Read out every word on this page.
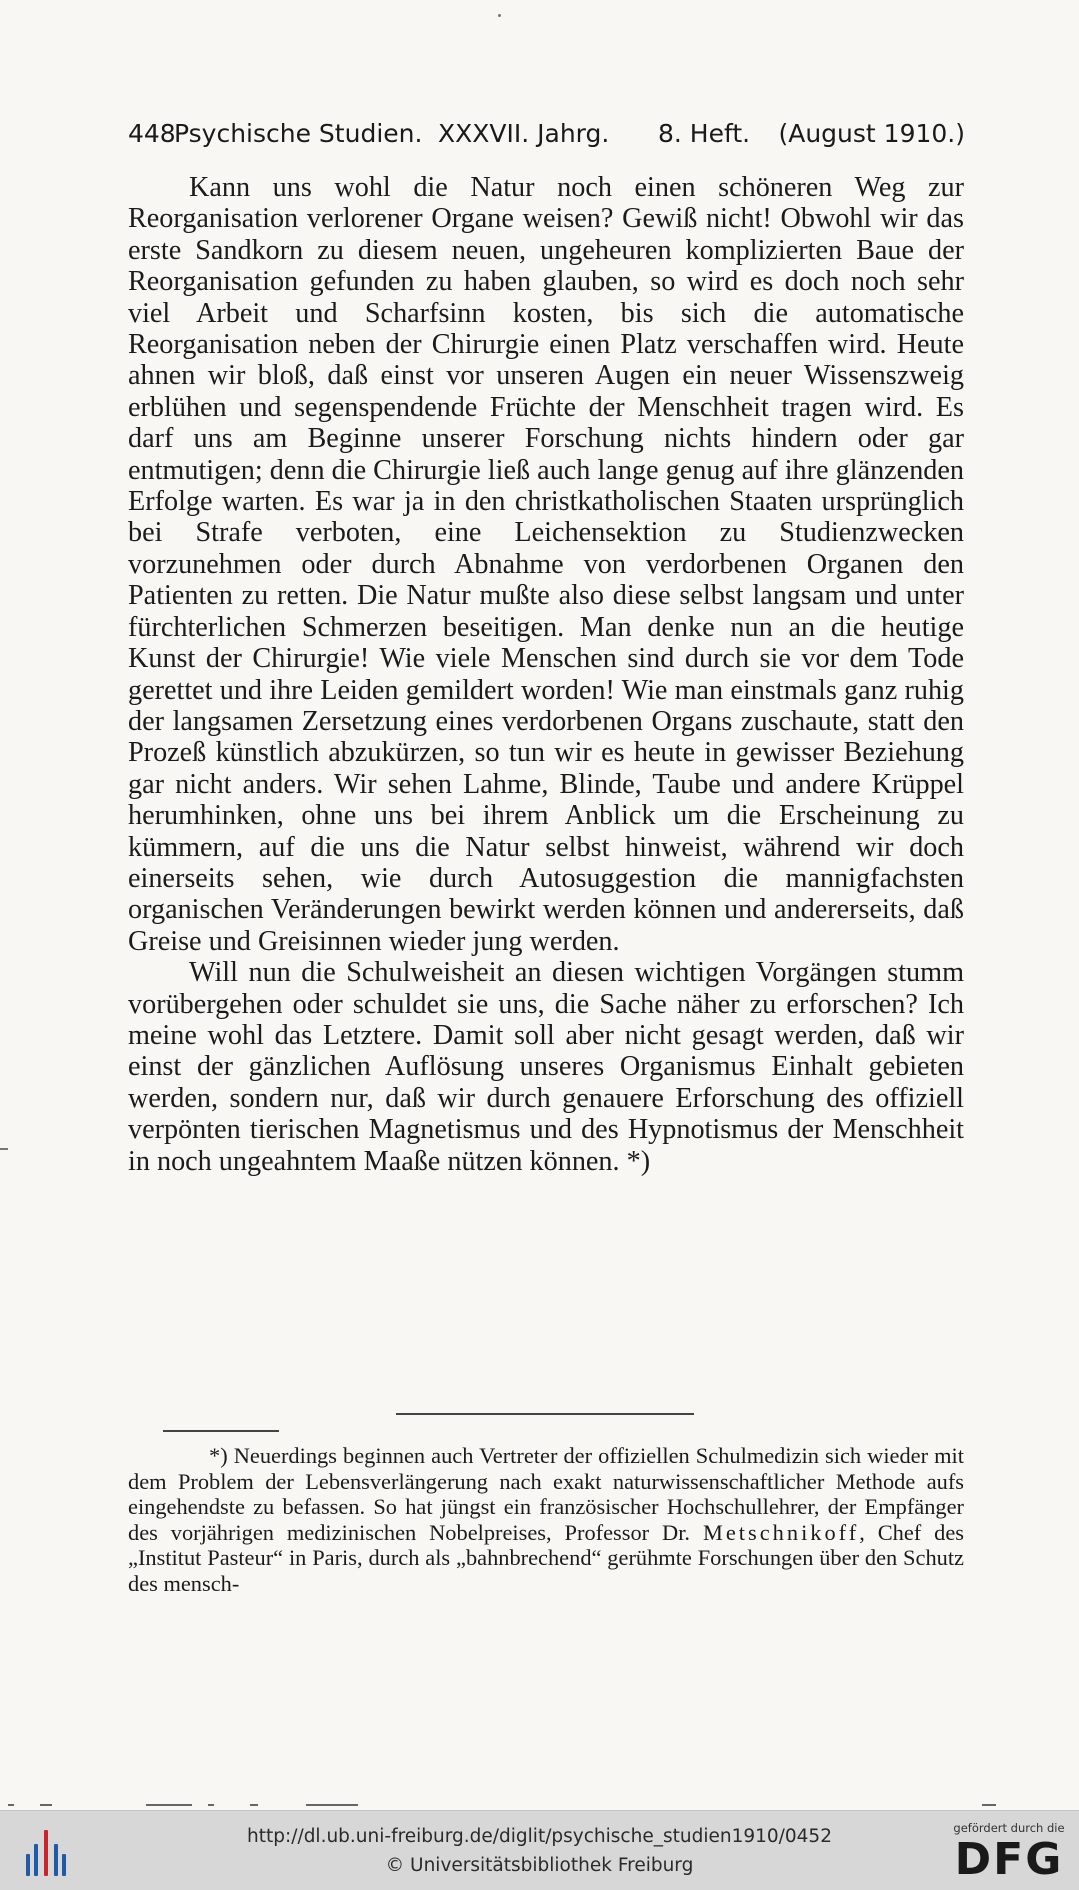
448
Psychische Studien. XXXVII. Jahrg. 8. Heft. (August 1910.)

Kann uns wohl die Natur noch einen schöneren Weg zur Reorganisation verlorener Organe weisen? Gewiß nicht! Obwohl wir das erste Sandkorn zu diesem neuen, ungeheuren komplizierten Baue der Reorganisation gefunden zu haben glauben, so wird es doch noch sehr viel Arbeit und Scharfsinn kosten, bis sich die automatische Reorganisation neben der Chirurgie einen Platz verschaffen wird. Heute ahnen wir bloß, daß einst vor unseren Augen ein neuer Wissenszweig erblühen und segenspendende Früchte der Menschheit tragen wird. Es darf uns am Beginne unserer Forschung nichts hindern oder gar entmutigen; denn die Chirurgie ließ auch lange genug auf ihre glänzenden Erfolge warten. Es war ja in den christkatholischen Staaten ursprünglich bei Strafe verboten, eine Leichensektion zu Studienzwecken vorzunehmen oder durch Abnahme von verdorbenen Organen den Patienten zu retten. Die Natur mußte also diese selbst langsam und unter fürchterlichen Schmerzen beseitigen. Man denke nun an die heutige Kunst der Chirurgie! Wie viele Menschen sind durch sie vor dem Tode gerettet und ihre Leiden gemildert worden! Wie man einstmals ganz ruhig der langsamen Zersetzung eines verdorbenen Organs zuschaute, statt den Prozeß künstlich abzukürzen, so tun wir es heute in gewisser Beziehung gar nicht anders. Wir sehen Lahme, Blinde, Taube und andere Krüppel herumhinken, ohne uns bei ihrem Anblick um die Erscheinung zu kümmern, auf die uns die Natur selbst hinweist, während wir doch einerseits sehen, wie durch Autosuggestion die mannigfachsten organischen Veränderungen bewirkt werden können und andererseits, daß Greise und Greisinnen wieder jung werden.

Will nun die Schulweisheit an diesen wichtigen Vorgängen stumm vorübergehen oder schuldet sie uns, die Sache näher zu erforschen? Ich meine wohl das Letztere. Damit soll aber nicht gesagt werden, daß wir einst der gänzlichen Auflösung unseres Organismus Einhalt gebieten werden, sondern nur, daß wir durch genauere Erforschung des offiziell verpönten tierischen Magnetismus und des Hypnotismus der Menschheit in noch ungeahntem Maaße nützen können. *)

*) Neuerdings beginnen auch Vertreter der offiziellen Schulmedizin sich wieder mit dem Problem der Lebensverlängerung nach exakt naturwissenschaftlicher Methode aufs eingehendste zu befassen. So hat jüngst ein französischer Hochschullehrer, der Empfänger des vorjährigen medizinischen Nobelpreises, Professor Dr. Metschnikoff, Chef des „Institut Pasteur“ in Paris, durch als „bahnbrechend“ gerühmte Forschungen über den Schutz des mensch-

http://dl.ub.uni-freiburg.de/diglit/psychische_studien1910/0452
© Universitätsbibliothek Freiburg
gefördert durch die
DFG
